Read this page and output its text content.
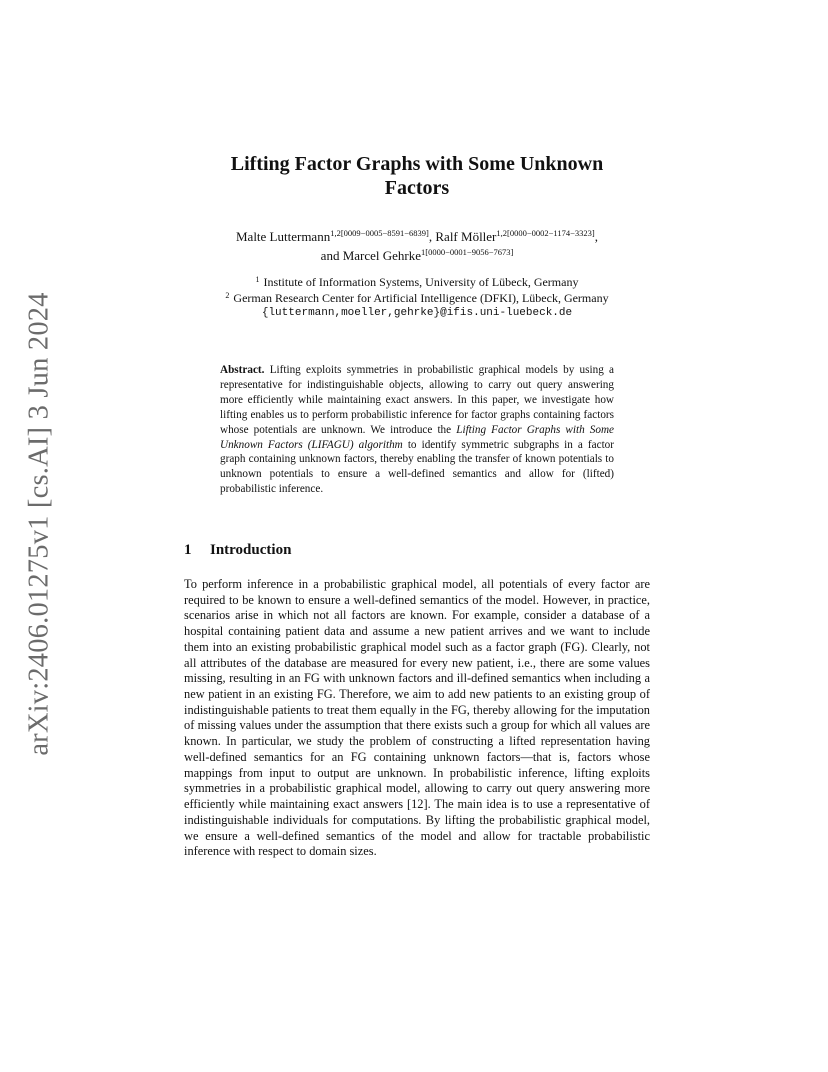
arXiv:2406.01275v1 [cs.AI] 3 Jun 2024
Lifting Factor Graphs with Some Unknown
Factors
Malte Luttermann$^{1,2[0009-0005-8591-6839]}$, Ralf Möller$^{1,2[0000-0002-1174-3323]}$,
and Marcel Gehrke$^{1[0000-0001-9056-7673]}$
$^1$ Institute of Information Systems, University of Lübeck, Germany
$^2$ German Research Center for Artificial Intelligence (DFKI), Lübeck, Germany
{luttermann,moeller,gehrke}@ifis.uni-luebeck.de
Abstract. Lifting exploits symmetries in probabilistic graphical models by using a representative for indistinguishable objects, allowing to carry out query answering more efficiently while maintaining exact answers. In this paper, we investigate how lifting enables us to perform probabilistic inference for factor graphs containing factors whose potentials are unknown. We introduce the Lifting Factor Graphs with Some Unknown Factors (LIFAGU) algorithm to identify symmetric subgraphs in a factor graph containing unknown factors, thereby enabling the transfer of known potentials to unknown potentials to ensure a well-defined semantics and allow for (lifted) probabilistic inference.
1 Introduction
To perform inference in a probabilistic graphical model, all potentials of every factor are required to be known to ensure a well-defined semantics of the model. However, in practice, scenarios arise in which not all factors are known. For example, consider a database of a hospital containing patient data and assume a new patient arrives and we want to include them into an existing probabilistic graphical model such as a factor graph (FG). Clearly, not all attributes of the database are measured for every new patient, i.e., there are some values missing, resulting in an FG with unknown factors and ill-defined semantics when including a new patient in an existing FG. Therefore, we aim to add new patients to an existing group of indistinguishable patients to treat them equally in the FG, thereby allowing for the imputation of missing values under the assumption that there exists such a group for which all values are known. In particular, we study the problem of constructing a lifted representation having well-defined semantics for an FG containing unknown factors—that is, factors whose mappings from input to output are unknown. In probabilistic inference, lifting exploits symmetries in a probabilistic graphical model, allowing to carry out query answering more efficiently while maintaining exact answers [12]. The main idea is to use a representative of indistinguishable individuals for computations. By lifting the probabilistic graphical model, we ensure a well-defined semantics of the model and allow for tractable probabilistic inference with respect to domain sizes.
